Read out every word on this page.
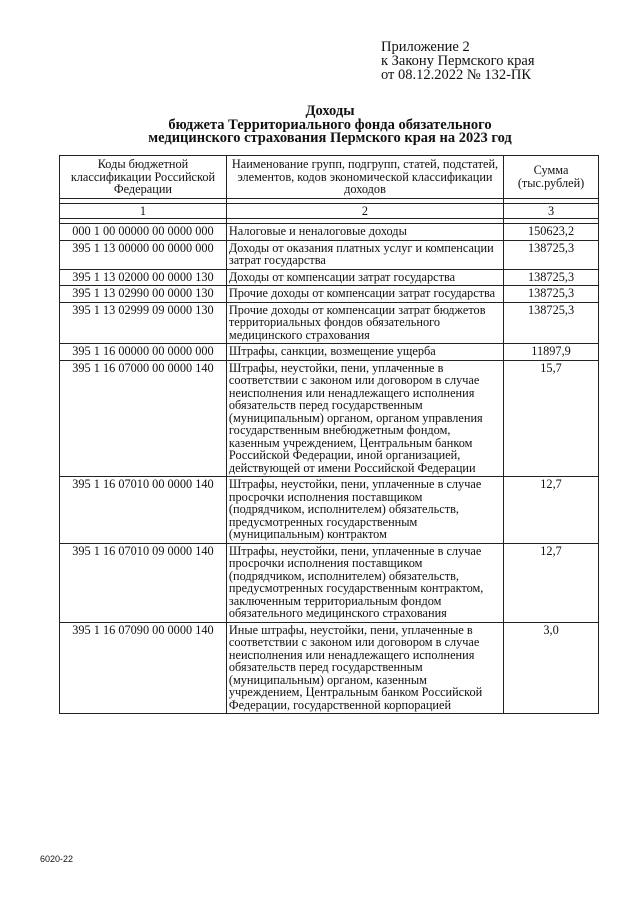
Приложение 2
к Закону Пермского края
от 08.12.2022 № 132-ПК
Доходы
бюджета Территориального фонда обязательного
медицинского страхования Пермского края на 2023 год
Коды бюджетной классификации Российской Федерации	Наименование групп, подгрупп, статей, подстатей, элементов, кодов экономической классификации доходов	Сумма (тыс.рублей)

1	2	3

000 1 00 00000 00 0000 000	Налоговые и неналоговые доходы	150623,2
395 1 13 00000 00 0000 000	Доходы от оказания платных услуг и компенсации затрат государства	138725,3
395 1 13 02000 00 0000 130	Доходы от компенсации затрат государства	138725,3
395 1 13 02990 00 0000 130	Прочие доходы от компенсации затрат государства	138725,3
395 1 13 02999 09 0000 130	Прочие доходы от компенсации затрат бюджетов территориальных фондов обязательного медицинского страхования	138725,3
395 1 16 00000 00 0000 000	Штрафы, санкции, возмещение ущерба	11897,9
395 1 16 07000 00 0000 140	Штрафы, неустойки, пени, уплаченные в соответствии с законом или договором в случае неисполнения или ненадлежащего исполнения обязательств перед государственным (муниципальным) органом, органом управления государственным внебюджетным фондом, казенным учреждением, Центральным банком Российской Федерации, иной организацией, действующей от имени Российской Федерации	15,7
395 1 16 07010 00 0000 140	Штрафы, неустойки, пени, уплаченные в случае просрочки исполнения поставщиком (подрядчиком, исполнителем) обязательств, предусмотренных государственным (муниципальным) контрактом	12,7
395 1 16 07010 09 0000 140	Штрафы, неустойки, пени, уплаченные в случае просрочки исполнения поставщиком (подрядчиком, исполнителем) обязательств, предусмотренных государственным контрактом, заключенным территориальным фондом обязательного медицинского страхования	12,7
395 1 16 07090 00 0000 140	Иные штрафы, неустойки, пени, уплаченные в соответствии с законом или договором в случае неисполнения или ненадлежащего исполнения обязательств перед государственным (муниципальным) органом, казенным учреждением, Центральным банком Российской Федерации, государственной корпорацией	3,0
6020-22
